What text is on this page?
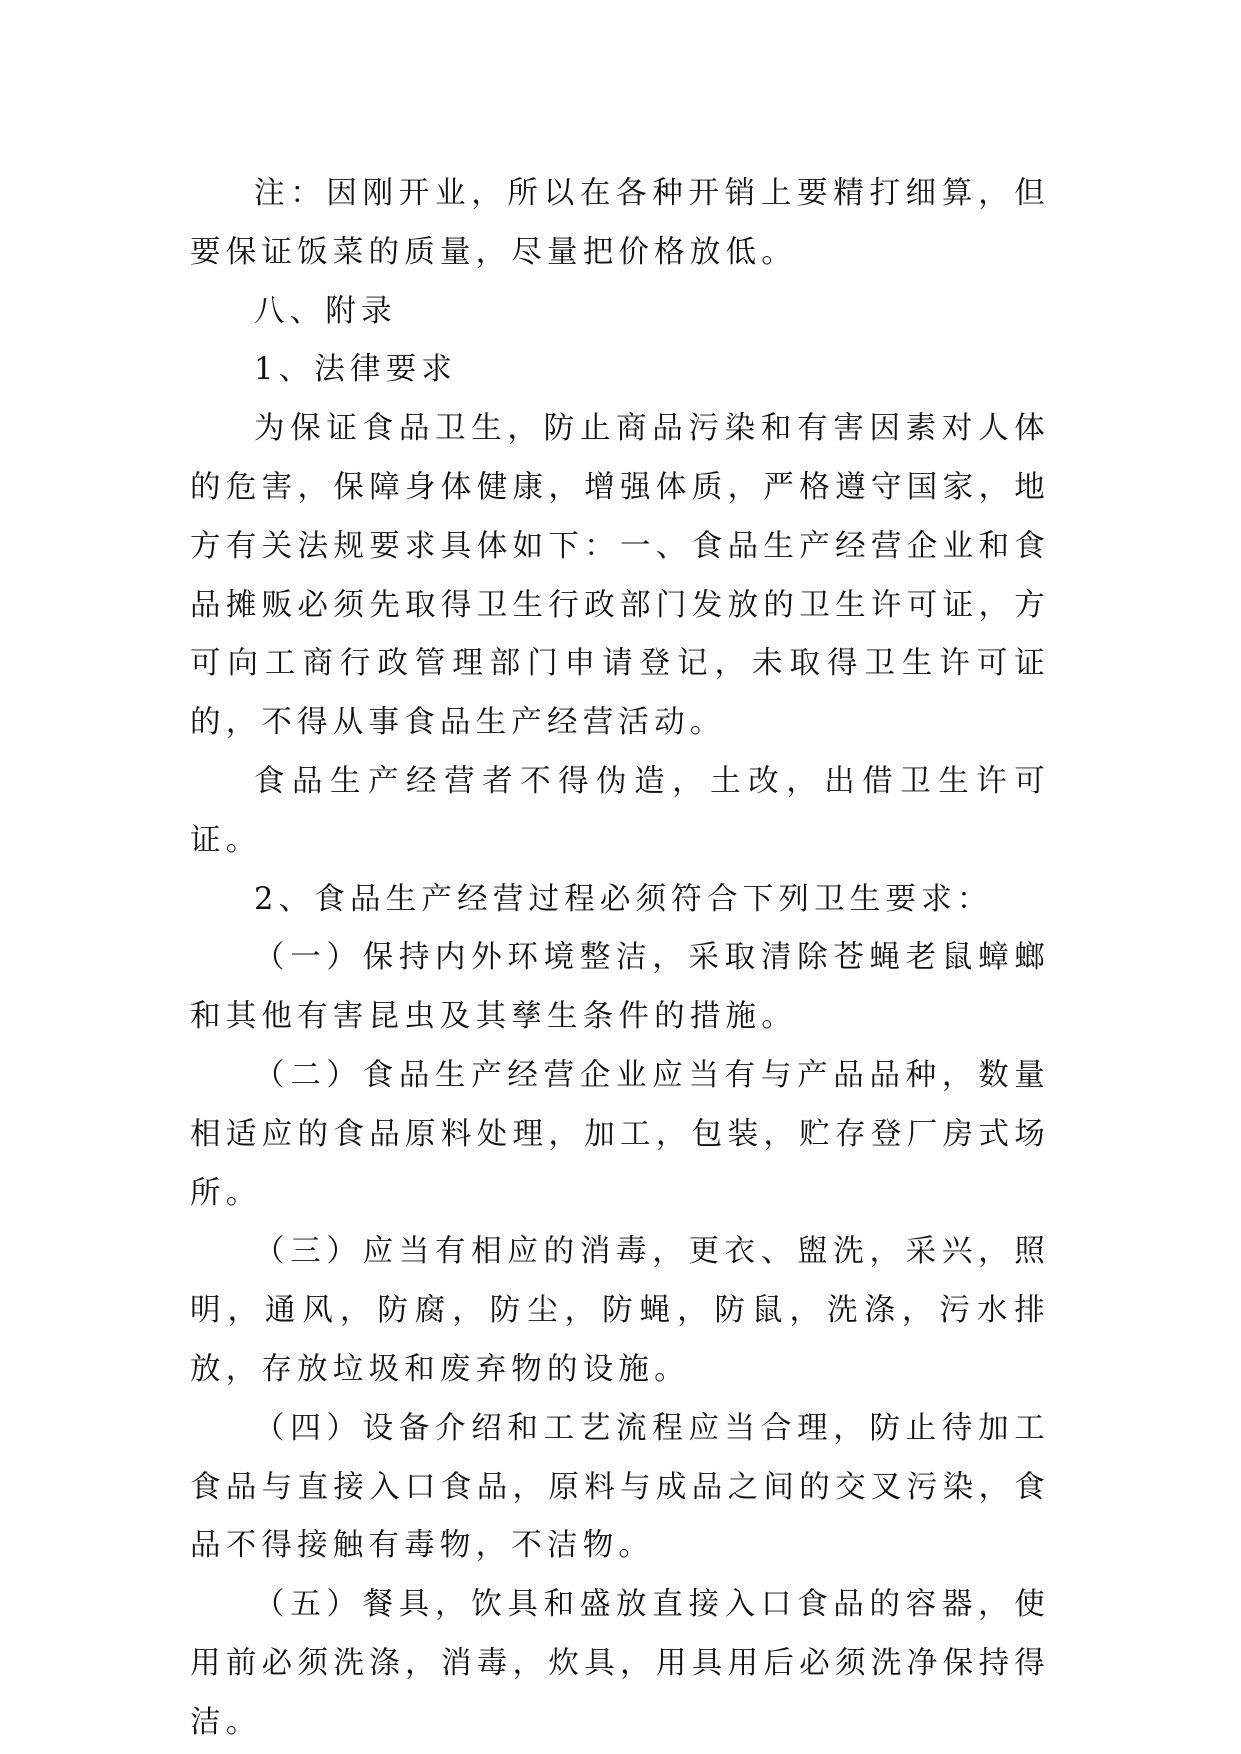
注：因刚开业，所以在各种开销上要精打细算，但要保证饭菜的质量，尽量把价格放低。

八、附录

1、法律要求

为保证食品卫生，防止商品污染和有害因素对人体的危害，保障身体健康，增强体质，严格遵守国家，地方有关法规要求具体如下：一、食品生产经营企业和食品摊贩必须先取得卫生行政部门发放的卫生许可证，方可向工商行政管理部门申请登记，未取得卫生许可证的，不得从事食品生产经营活动。

食品生产经营者不得伪造，土改，出借卫生许可证。

2、食品生产经营过程必须符合下列卫生要求：

（一）保持内外环境整洁，采取清除苍蝇老鼠蟑螂和其他有害昆虫及其孳生条件的措施。

（二）食品生产经营企业应当有与产品品种，数量相适应的食品原料处理，加工，包装，贮存登厂房式场所。

（三）应当有相应的消毒，更衣、盥洗，采兴，照明，通风，防腐，防尘，防蝇，防鼠，洗涤，污水排放，存放垃圾和废弃物的设施。

（四）设备介绍和工艺流程应当合理，防止待加工食品与直接入口食品，原料与成品之间的交叉污染，食品不得接触有毒物，不洁物。

（五）餐具，饮具和盛放直接入口食品的容器，使用前必须洗涤，消毒，炊具，用具用后必须洗净保持得洁。
